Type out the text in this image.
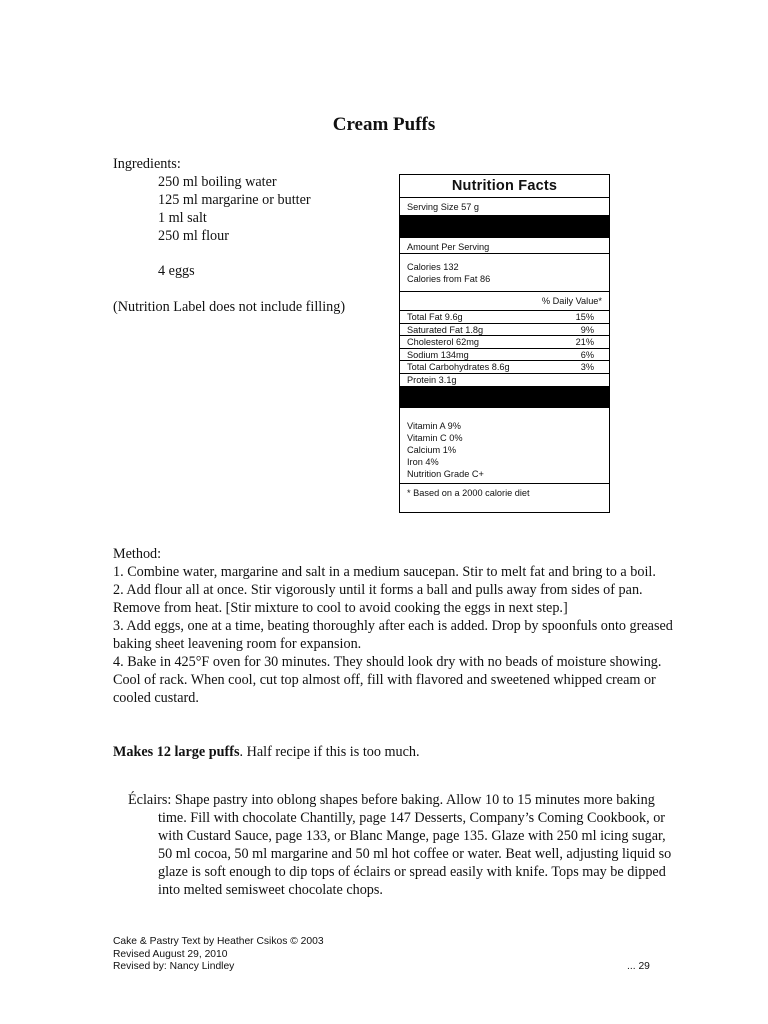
Cream Puffs
Ingredients:
250 ml boiling water
125 ml margarine or butter
1 ml salt
250 ml flour
4 eggs
(Nutrition Label does not include filling)
Nutrition Facts
Serving Size 57 g
Amount Per Serving
Calories 132
Calories from Fat 86
% Daily Value*
Total Fat 9.6g	15%
Saturated Fat 1.8g	9%
Cholesterol 62mg	21%
Sodium 134mg	6%
Total Carbohydrates 8.6g	3%
Protein 3.1g
Vitamin A 9%
Vitamin C 0%
Calcium 1%
Iron 4%
Nutrition Grade C+
* Based on a 2000 calorie diet

Method:

1. Combine water, margarine and salt in a medium saucepan. Stir to melt fat and bring to a boil.

2. Add flour all at once. Stir vigorously until it forms a ball and pulls away from sides of pan. Remove from heat. [Stir mixture to cool to avoid cooking the eggs in next step.]

3. Add eggs, one at a time, beating thoroughly after each is added. Drop by spoonfuls onto greased baking sheet leavening room for expansion.

4. Bake in 425°F oven for 30 minutes. They should look dry with no beads of moisture showing. Cool of rack. When cool, cut top almost off, fill with flavored and sweetened whipped cream or cooled custard.

Makes 12 large puffs. Half recipe if this is too much.
Éclairs: Shape pastry into oblong shapes before baking. Allow 10 to 15 minutes more baking time. Fill with chocolate Chantilly, page 147 Desserts, Company’s Coming Cookbook, or with Custard Sauce, page 133, or Blanc Mange, page 135. Glaze with 250 ml icing sugar, 50 ml cocoa, 50 ml margarine and 50 ml hot coffee or water. Beat well, adjusting liquid so glaze is soft enough to dip tops of éclairs or spread easily with knife. Tops may be dipped into melted semisweet chocolate chops.
Cake & Pastry Text by Heather Csikos © 2003
Revised August 29, 2010
Revised by: Nancy Lindley	... 29
